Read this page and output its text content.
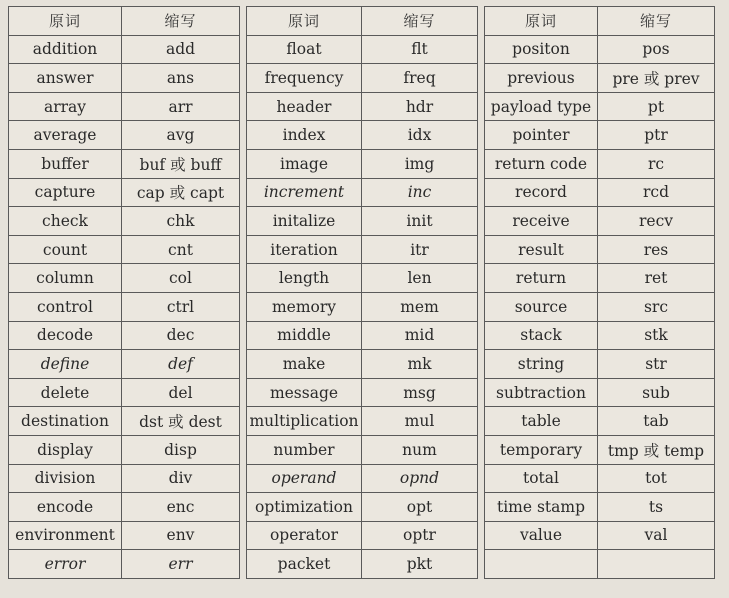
原词	缩写
addition	add
answer	ans
array	arr
average	avg
buffer	buf 或 buff
capture	cap 或 capt
check	chk
count	cnt
column	col
control	ctrl
decode	dec
define	def
delete	del
destination	dst 或 dest
display	disp
division	div
encode	enc
environment	env
error	err
原词	缩写
float	flt
frequency	freq
header	hdr
index	idx
image	img
increment	inc
initalize	init
iteration	itr
length	len
memory	mem
middle	mid
make	mk
message	msg
multiplication	mul
number	num
operand	opnd
optimization	opt
operator	optr
packet	pkt
原词	缩写
positon	pos
previous	pre 或 prev
payload type	pt
pointer	ptr
return code	rc
record	rcd
receive	recv
result	res
return	ret
source	src
stack	stk
string	str
subtraction	sub
table	tab
temporary	tmp 或 temp
total	tot
time stamp	ts
value	val
